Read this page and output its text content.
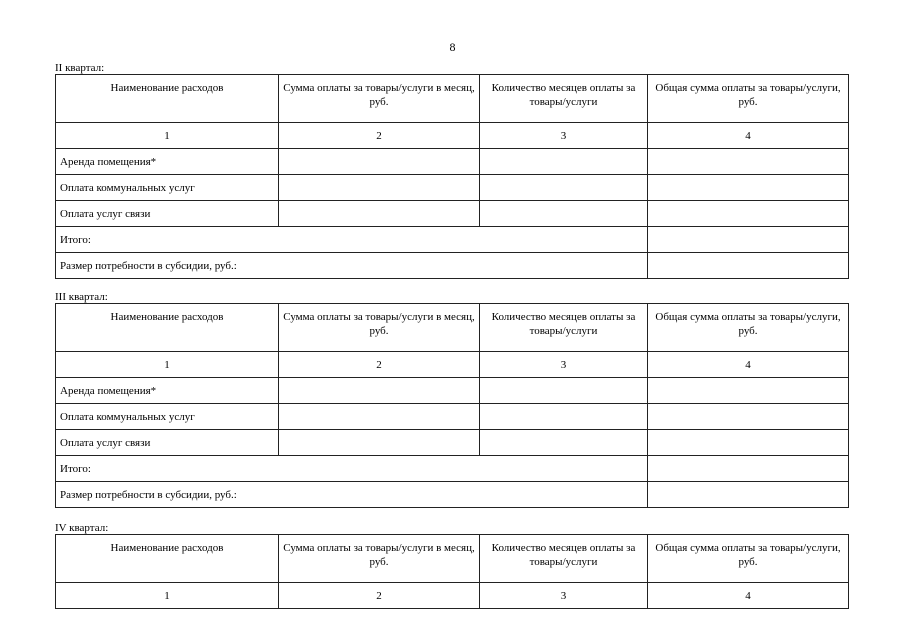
8
II квартал:
Наименование расходов	Сумма оплаты за товары/услуги в месяц, руб.	Количество месяцев оплаты за товары/услуги	Общая сумма оплаты за товары/услуги, руб.
1	2	3	4
Аренда помещения*			
Оплата коммунальных услуг			
Оплата услуг связи			
Итого:			
Размер потребности в субсидии, руб.:			
III квартал:
Наименование расходов	Сумма оплаты за товары/услуги в месяц, руб.	Количество месяцев оплаты за товары/услуги	Общая сумма оплаты за товары/услуги, руб.
1	2	3	4
Аренда помещения*			
Оплата коммунальных услуг			
Оплата услуг связи			
Итого:			
Размер потребности в субсидии, руб.:			
IV квартал:
Наименование расходов	Сумма оплаты за товары/услуги в месяц, руб.	Количество месяцев оплаты за товары/услуги	Общая сумма оплаты за товары/услуги, руб.
1	2	3	4
